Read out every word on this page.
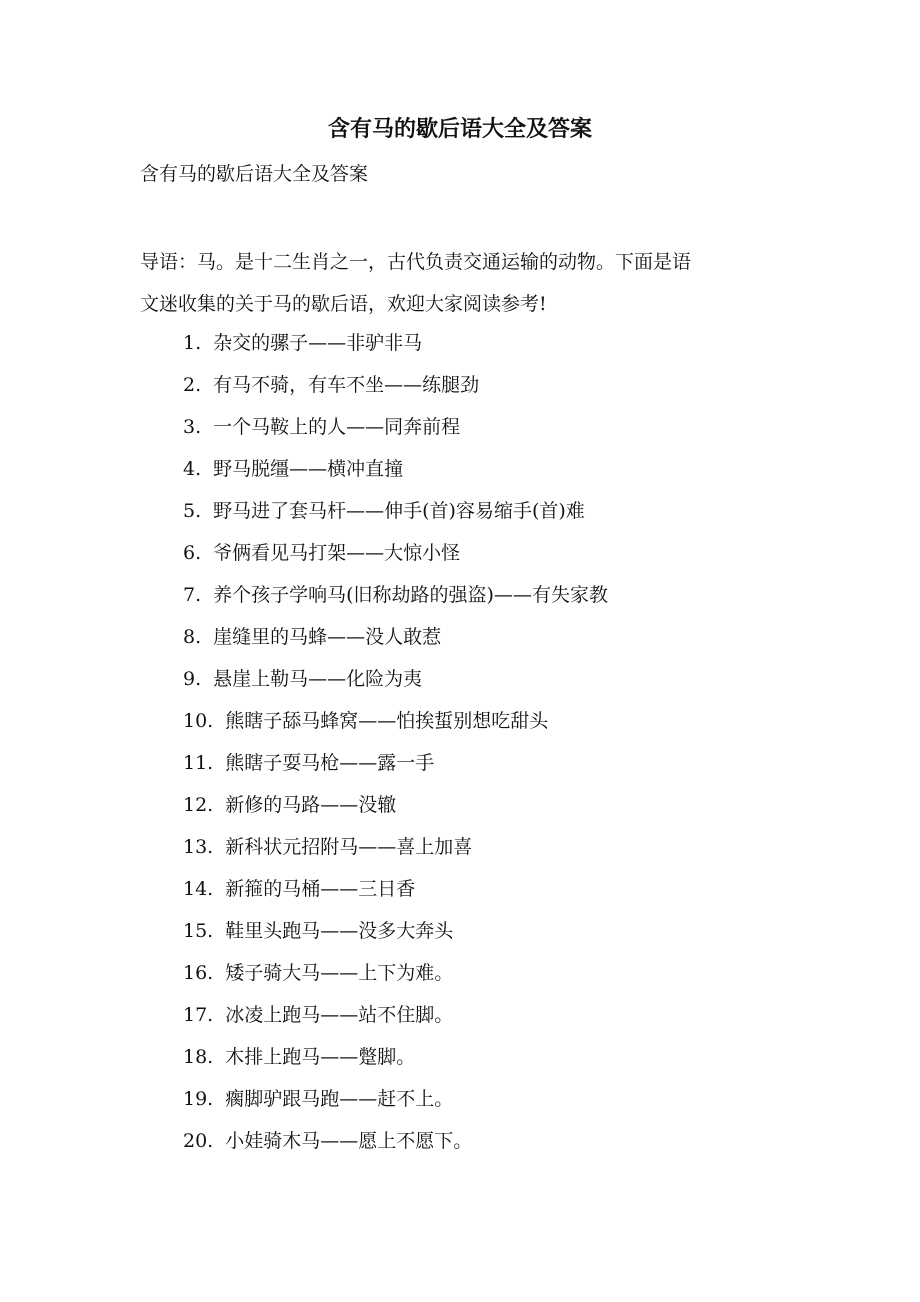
含有马的歇后语大全及答案
含有马的歇后语大全及答案
导语：马。是十二生肖之一，古代负责交通运输的动物。下面是语
文迷收集的关于马的歇后语，欢迎大家阅读参考!
1. 杂交的骡子——非驴非马
2. 有马不骑，有车不坐——练腿劲
3. 一个马鞍上的人——同奔前程
4. 野马脱缰——横冲直撞
5. 野马进了套马杆——伸手(首)容易缩手(首)难
6. 爷俩看见马打架——大惊小怪
7. 养个孩子学响马(旧称劫路的强盗)——有失家教
8. 崖缝里的马蜂——没人敢惹
9. 悬崖上勒马——化险为夷
10. 熊瞎子舔马蜂窝——怕挨蜇别想吃甜头
11. 熊瞎子耍马枪——露一手
12. 新修的马路——没辙
13. 新科状元招附马——喜上加喜
14. 新箍的马桶——三日香
15. 鞋里头跑马——没多大奔头
16. 矮子骑大马——上下为难。
17. 冰凌上跑马——站不住脚。
18. 木排上跑马——蹩脚。
19. 瘸脚驴跟马跑——赶不上。
20. 小娃骑木马——愿上不愿下。
